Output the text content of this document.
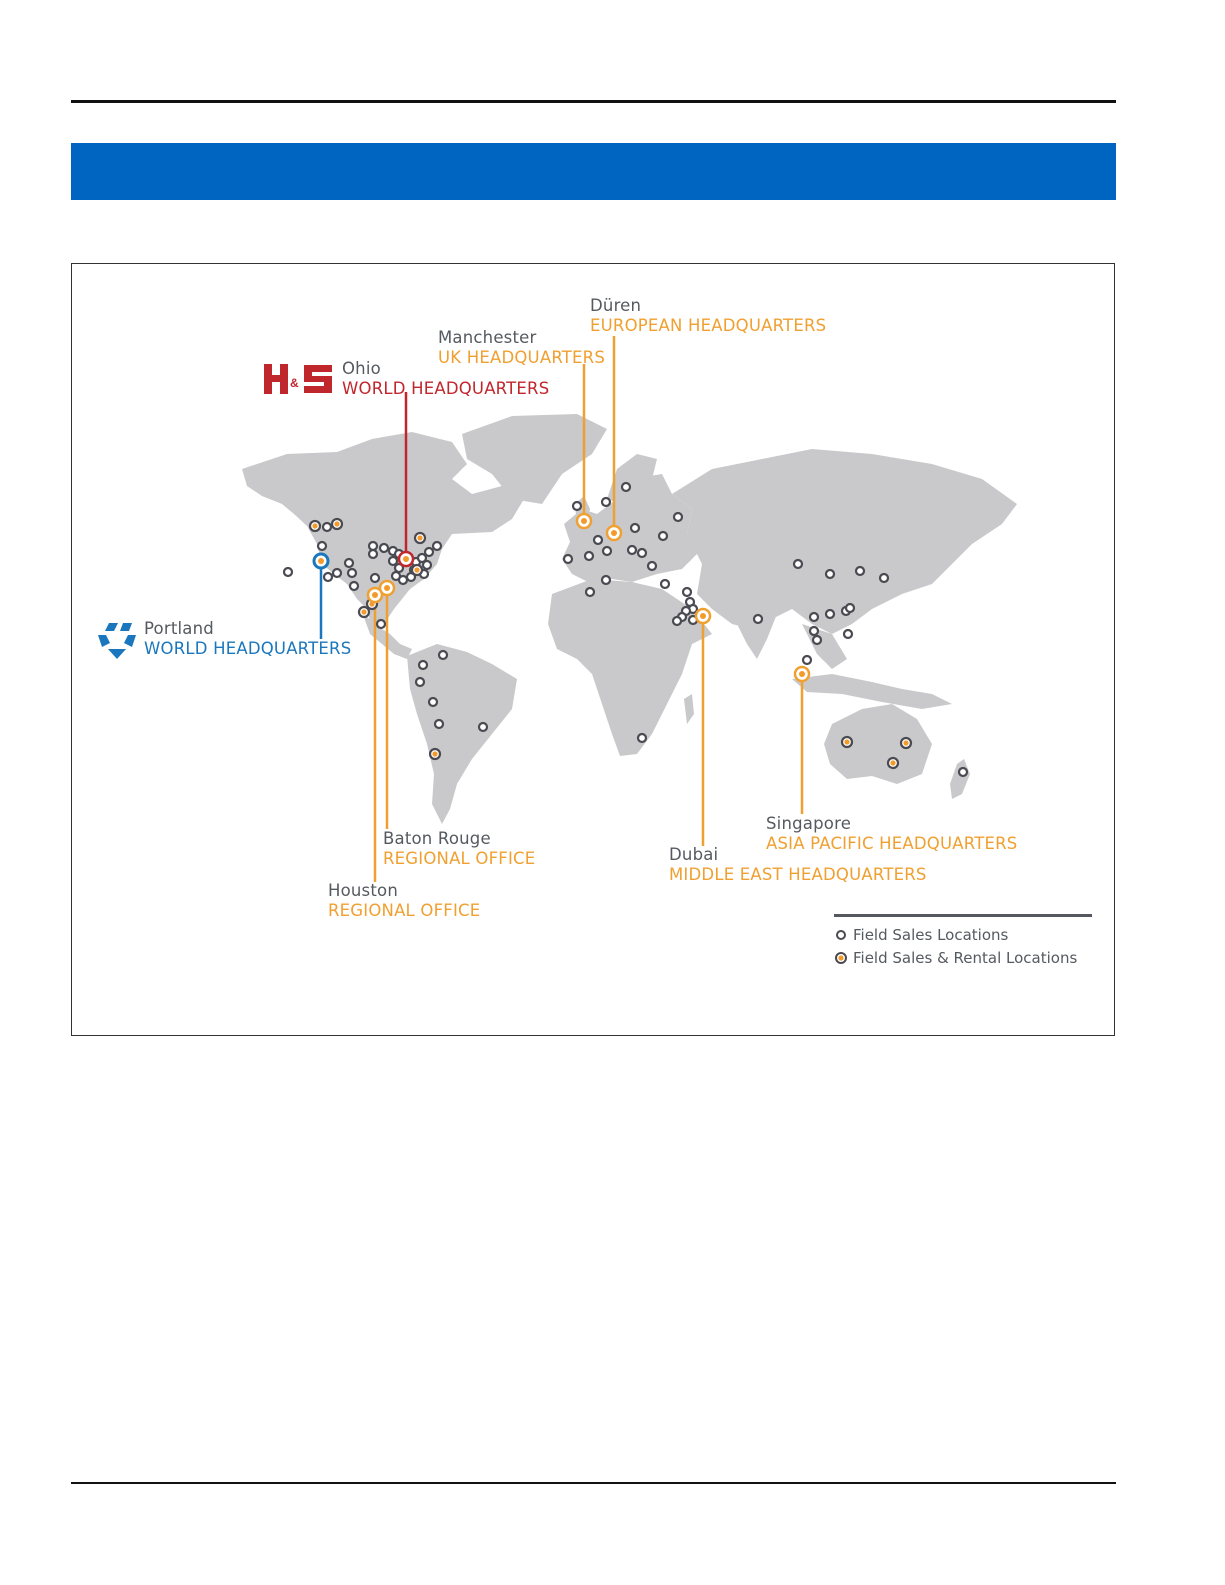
&
Düren
EUROPEAN HEADQUARTERS
Manchester
UK HEADQUARTERS
Ohio
WORLD HEADQUARTERS
Portland
WORLD HEADQUARTERS
Baton Rouge
REGIONAL OFFICE
Houston
REGIONAL OFFICE
Singapore
ASIA PACIFIC HEADQUARTERS
Dubai
MIDDLE EAST HEADQUARTERS
Field Sales Locations
Field Sales & Rental Locations
